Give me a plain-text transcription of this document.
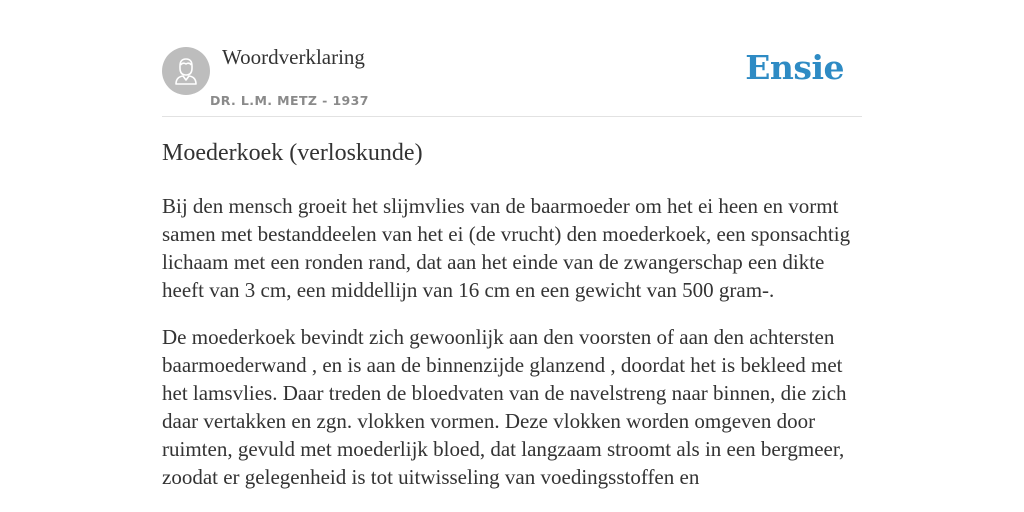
Woordverklaring
DR. L.M. METZ - 1937
Ensie
Moederkoek (verloskunde)

Bij den mensch groeit het slijmvlies van de baarmoeder om het ei heen en vormt samen met bestanddeelen van het ei (de vrucht) den moederkoek, een sponsachtig lichaam met een ronden rand, dat aan het einde van de zwangerschap een dikte heeft van 3 cm, een middellijn van 16 cm en een gewicht van 500 gram-.

De moederkoek bevindt zich gewoonlijk aan den voorsten of aan den achtersten baarmoederwand , en is aan de binnenzijde glanzend , doordat het is bekleed met het lamsvlies. Daar treden de bloedvaten van de navelstreng naar binnen, die zich daar vertakken en zgn. vlokken vormen. Deze vlokken worden omgeven door ruimten, gevuld met moederlijk bloed, dat langzaam stroomt als in een bergmeer, zoodat er gelegenheid is tot uitwisseling van voedingsstoffen en
